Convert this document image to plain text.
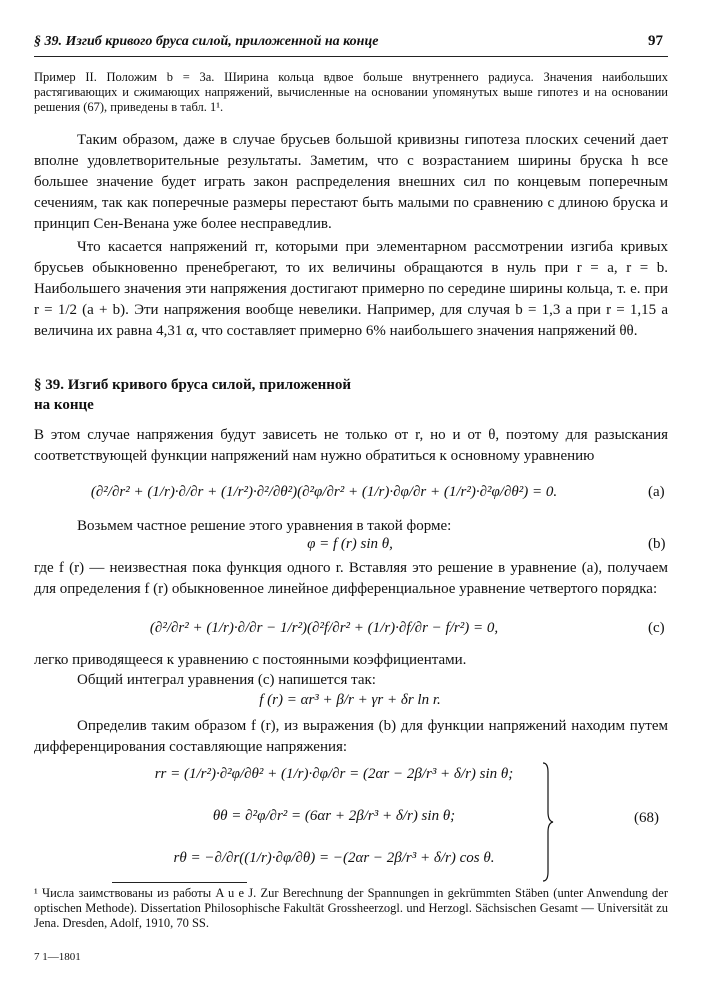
§ 39. Изгиб кривого бруса силой, приложенной на конце	97

Пример II. Положим b = 3a. Ширина кольца вдвое больше внутреннего радиуса. Значения наибольших растягивающих и сжимающих напряжений, вычисленные на основании упомянутых выше гипотез и на основании решения (67), приведены в табл. 1¹.

Таким образом, даже в случае брусьев большой кривизны гипотеза плоских сечений дает вполне удовлетворительные результаты. Заметим, что с возрастанием ширины бруска h все большее значение будет играть закон распределения внешних сил по концевым поперечным сечениям, так как поперечные размеры перестают быть малыми по сравнению с длиною бруска и принцип Сен-Венана уже более несправедлив.

Что касается напряжений rr, которыми при элементарном рассмотрении изгиба кривых брусьев обыкновенно пренебрегают, то их величины обращаются в нуль при r = a, r = b. Наибольшего значения эти напряжения достигают примерно по середине ширины кольца, т. е. при r = 1/2 (a + b). Эти напряжения вообще невелики. Например, для случая b = 1,3 a при r = 1,15 a величина их равна 4,31 α, что составляет примерно 6% наибольшего значения напряжений θθ.

§ 39. Изгиб кривого бруса силой, приложенной
на конце

В этом случае напряжения будут зависеть не только от r, но и от θ, поэтому для разыскания соответствующей функции напряжений нам нужно обратиться к основному уравнению

(∂²/∂r² + (1/r)·∂/∂r + (1/r²)·∂²/∂θ²)(∂²φ/∂r² + (1/r)·∂φ/∂r + (1/r²)·∂²φ/∂θ²) = 0.	(a)

Возьмем частное решение этого уравнения в такой форме:

φ = f (r) sin θ,	(b)

где f (r) — неизвестная пока функция одного r. Вставляя это решение в уравнение (a), получаем для определения f (r) обыкновенное линейное дифференциальное уравнение четвертого порядка:

(∂²/∂r² + (1/r)·∂/∂r − 1/r²)(∂²f/∂r² + (1/r)·∂f/∂r − f/r²) = 0,	(c)

легко приводящееся к уравнению с постоянными коэффициентами.

Общий интеграл уравнения (c) напишется так:

f (r) = αr³ + β/r + γr + δr ln r.

Определив таким образом f (r), из выражения (b) для функции напряжений находим путем дифференцирования составляющие напряжения:

rr = (1/r²)·∂²φ/∂θ² + (1/r)·∂φ/∂r = (2αr − 2β/r³ + δ/r) sin θ;
θθ = ∂²φ/∂r² = (6αr + 2β/r³ + δ/r) sin θ;
rθ = −∂/∂r((1/r)·∂φ/∂θ) = −(2αr − 2β/r³ + δ/r) cos θ.
(68)

¹ Числа заимствованы из работы A u e J. Zur Berechnung der Spannungen in gekrümmten Stäben (unter Anwendung der optischen Methode). Dissertation Philosophische Fakultät Grossheerzogl. und Herzogl. Sächsischen Gesamt — Universität zu Jena. Dresden, Adolf, 1910, 70 SS.

7 1—1801
